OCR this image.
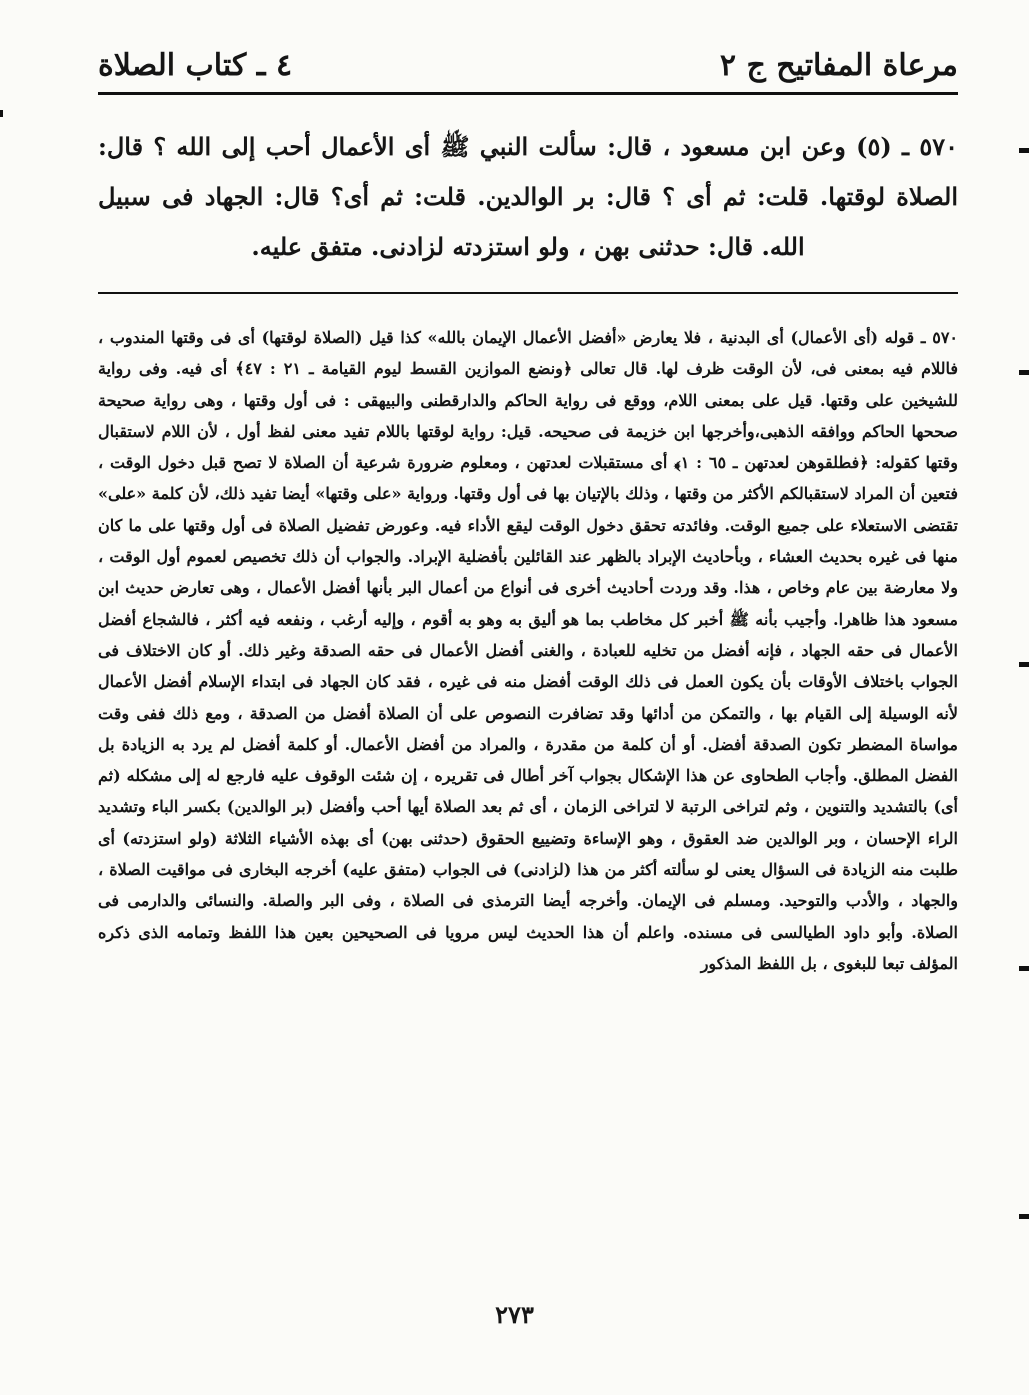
مرعاة المفاتيح ج ٢
٤ ـ كتاب الصلاة
٥٧٠ ـ (٥) وعن ابن مسعود ، قال: سألت النبي ﷺ أى الأعمال أحب إلى الله ؟ قال: الصلاة لوقتها. قلت: ثم أى ؟ قال: بر الوالدين. قلت: ثم أى؟ قال: الجهاد فى سبيل الله. قال: حدثنى بهن ، ولو استزدته لزادنى. متفق عليه.

٥٧٠ ـ قوله (أى الأعمال) أى البدنية ، فلا يعارض «أفضل الأعمال الإيمان بالله» كذا قيل (الصلاة لوقتها) أى فى وقتها المندوب ، فاللام فيه بمعنى فى، لأن الوقت ظرف لها. قال تعالى ﴿ونضع الموازين القسط ليوم القيامة ـ ٢١ : ٤٧﴾ أى فيه. وفى رواية للشيخين على وقتها. قيل على بمعنى اللام، ووقع فى رواية الحاكم والدارقطنى والبيهقى : فى أول وقتها ، وهى رواية صحيحة صححها الحاكم ووافقه الذهبى،وأخرجها ابن خزيمة فى صحيحه. قيل: رواية لوقتها باللام تفيد معنى لفظ أول ، لأن اللام لاستقبال وقتها كقوله: ﴿فطلقوهن لعدتهن ـ ٦٥ : ١﴾ أى مستقبلات لعدتهن ، ومعلوم ضرورة شرعية أن الصلاة لا تصح قبل دخول الوقت ، فتعين أن المراد لاستقبالكم الأكثر من وقتها ، وذلك بالإتيان بها فى أول وقتها. ورواية «على وقتها» أيضا تفيد ذلك، لأن كلمة «على» تقتضى الاستعلاء على جميع الوقت. وفائدته تحقق دخول الوقت ليقع الأداء فيه. وعورض تفضيل الصلاة فى أول وقتها على ما كان منها فى غيره بحديث العشاء ، وبأحاديث الإبراد بالظهر عند القائلين بأفضلية الإبراد. والجواب أن ذلك تخصيص لعموم أول الوقت ، ولا معارضة بين عام وخاص ، هذا. وقد وردت أحاديث أخرى فى أنواع من أعمال البر بأنها أفضل الأعمال ، وهى تعارض حديث ابن مسعود هذا ظاهرا. وأجيب بأنه ﷺ أخبر كل مخاطب بما هو أليق به وهو به أقوم ، وإليه أرغب ، ونفعه فيه أكثر ، فالشجاع أفضل الأعمال فى حقه الجهاد ، فإنه أفضل من تخليه للعبادة ، والغنى أفضل الأعمال فى حقه الصدقة وغير ذلك. أو كان الاختلاف فى الجواب باختلاف الأوقات بأن يكون العمل فى ذلك الوقت أفضل منه فى غيره ، فقد كان الجهاد فى ابتداء الإسلام أفضل الأعمال لأنه الوسيلة إلى القيام بها ، والتمكن من أدائها وقد تضافرت النصوص على أن الصلاة أفضل من الصدقة ، ومع ذلك ففى وقت مواساة المضطر تكون الصدقة أفضل. أو أن كلمة من مقدرة ، والمراد من أفضل الأعمال. أو كلمة أفضل لم يرد به الزيادة بل الفضل المطلق. وأجاب الطحاوى عن هذا الإشكال بجواب آخر أطال فى تقريره ، إن شئت الوقوف عليه فارجع له إلى مشكله (ثم أى) بالتشديد والتنوين ، وثم لتراخى الرتبة لا لتراخى الزمان ، أى ثم بعد الصلاة أيها أحب وأفضل (بر الوالدين) بكسر الباء وتشديد الراء الإحسان ، وبر الوالدين ضد العقوق ، وهو الإساءة وتضييع الحقوق (حدثنى بهن) أى بهذه الأشياء الثلاثة (ولو استزدته) أى طلبت منه الزيادة فى السؤال يعنى لو سألته أكثر من هذا (لزادنى) فى الجواب (متفق عليه) أخرجه البخارى فى مواقيت الصلاة ، والجهاد ، والأدب والتوحيد. ومسلم فى الإيمان. وأخرجه أيضا الترمذى فى الصلاة ، وفى البر والصلة. والنسائى والدارمى فى الصلاة. وأبو داود الطيالسى فى مسنده. واعلم أن هذا الحديث ليس مرويا فى الصحيحين بعين هذا اللفظ وتمامه الذى ذكره المؤلف تبعا للبغوى ، بل اللفظ المذكور

٢٧٣
